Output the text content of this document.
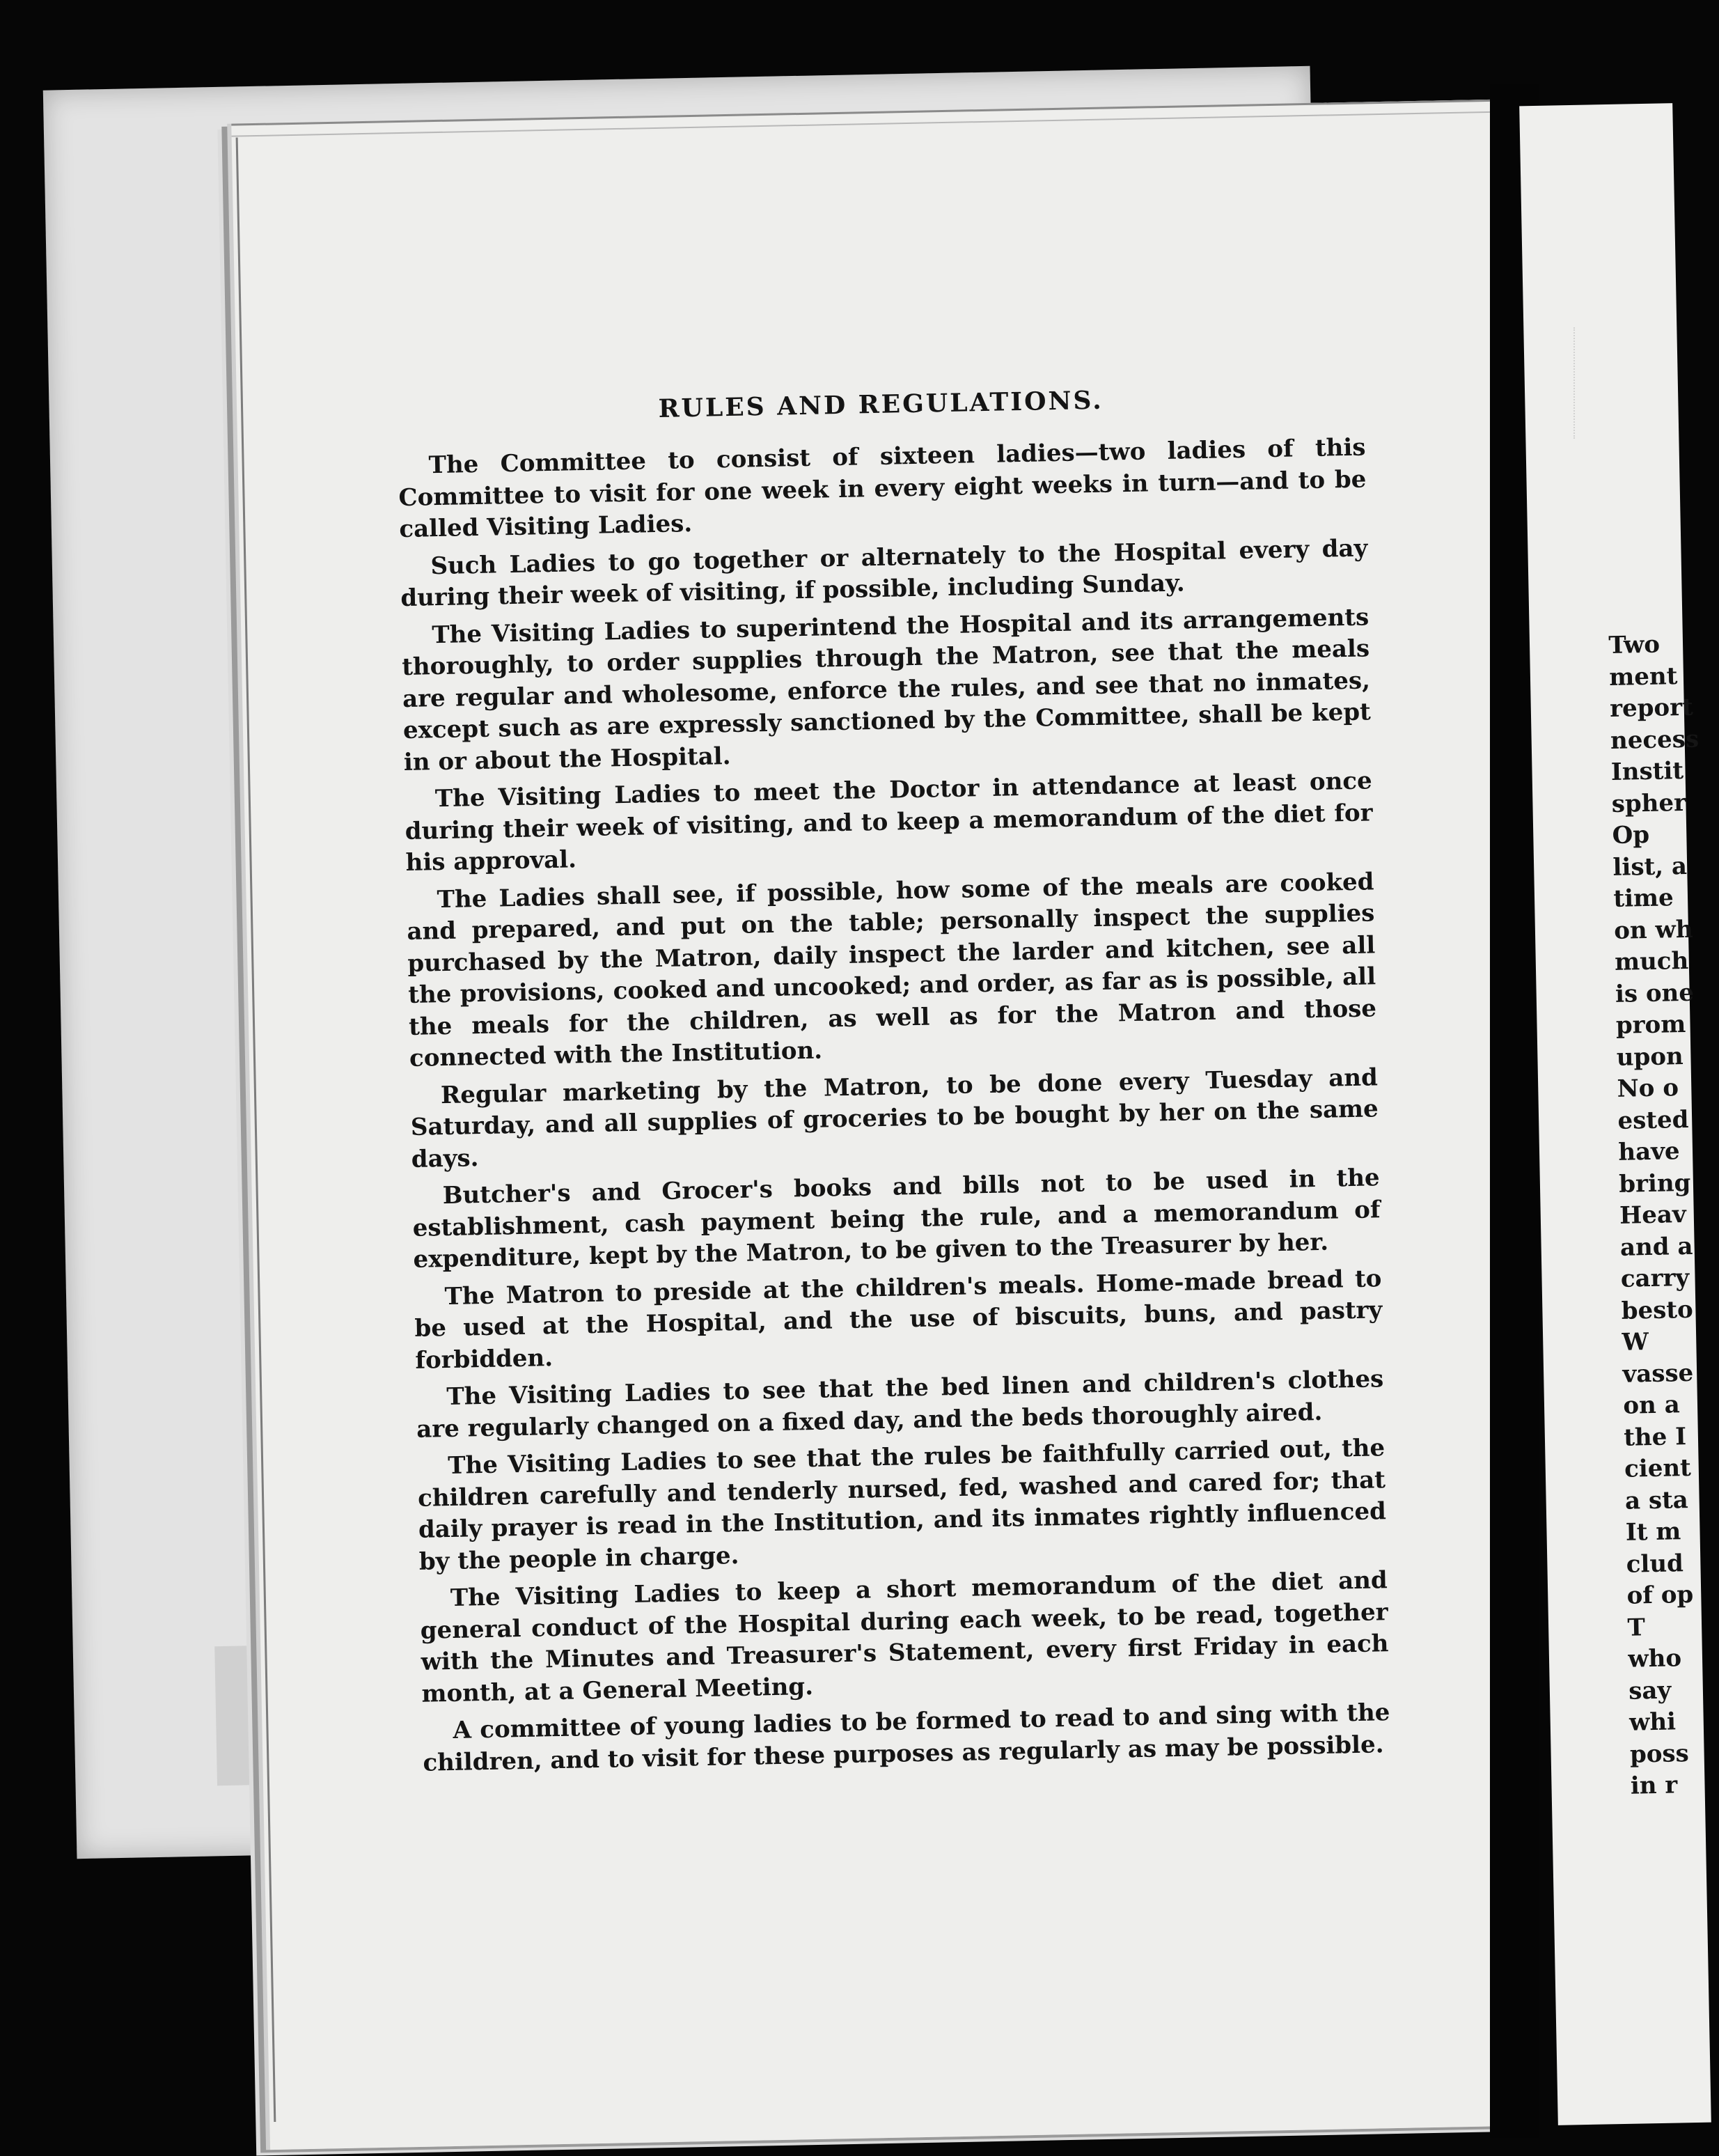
RULES AND REGULATIONS.

The Committee to consist of sixteen ladies—two ladies of this Committee to visit for one week in every eight weeks in turn—and to be called Visiting Ladies.

Such Ladies to go together or alternately to the Hospital every day during their week of visiting, if possible, including Sunday.

The Visiting Ladies to superintend the Hospital and its arrangements thoroughly, to order supplies through the Matron, see that the meals are regular and wholesome, enforce the rules, and see that no inmates, except such as are expressly sanctioned by the Committee, shall be kept in or about the Hospital.

The Visiting Ladies to meet the Doctor in attendance at least once during their week of visiting, and to keep a memorandum of the diet for his approval.

The Ladies shall see, if possible, how some of the meals are cooked and prepared, and put on the table; personally inspect the supplies purchased by the Matron, daily inspect the larder and kitchen, see all the provisions, cooked and uncooked; and order, as far as is possible, all the meals for the children, as well as for the Matron and those connected with the Institution.

Regular marketing by the Matron, to be done every Tuesday and Saturday, and all supplies of groceries to be bought by her on the same days.

Butcher's and Grocer's books and bills not to be used in the establishment, cash payment being the rule, and a memorandum of expenditure, kept by the Matron, to be given to the Treasurer by her.

The Matron to preside at the children's meals. Home-made bread to be used at the Hospital, and the use of biscuits, buns, and pastry forbidden.

The Visiting Ladies to see that the bed linen and children's clothes are regularly changed on a fixed day, and the beds thoroughly aired.

The Visiting Ladies to see that the rules be faithfully carried out, the children carefully and tenderly nursed, fed, washed and cared for; that daily prayer is read in the Institution, and its inmates rightly influenced by the people in charge.

The Visiting Ladies to keep a short memorandum of the diet and general conduct of the Hospital during each week, to be read, together with the Minutes and Treasurer's Statement, every first Friday in each month, at a General Meeting.

A committee of young ladies to be formed to read to and sing with the children, and to visit for these purposes as regularly as may be possible.

Two
ment
report
necess
Instit
spher
Op
list, a
time
on wh
much
is one
prom
upon
No o
ested
have
bring
Heav
and a
carry
besto
W
vasse
on a
the I
cient
a sta
It m
clud
of op
T
who
say
whi
poss
in r
